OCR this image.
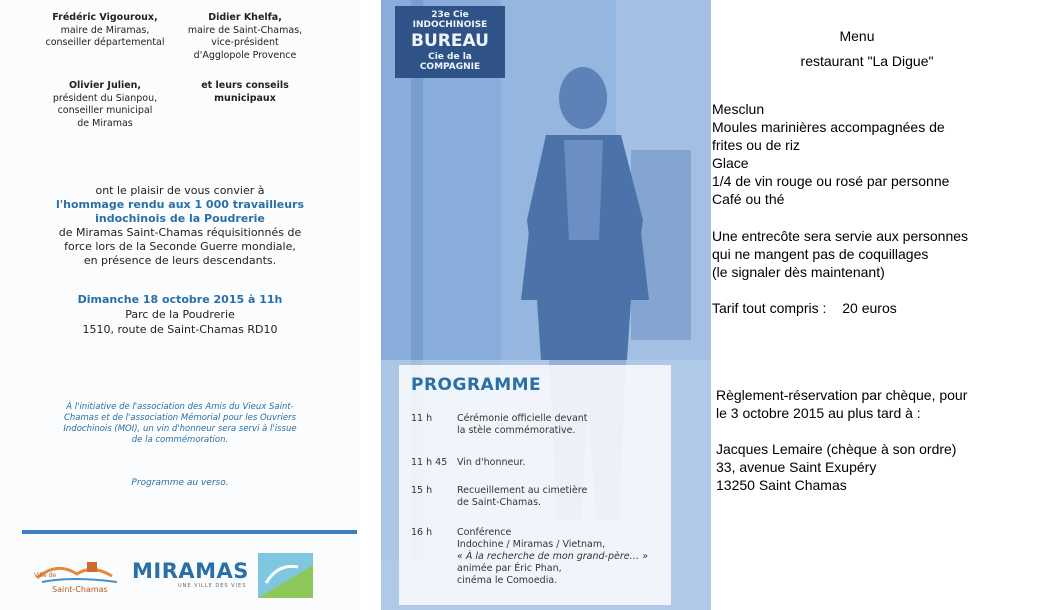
Frédéric Vigouroux,
maire de Miramas,
conseiller départemental
Didier Khelfa,
maire de Saint-Chamas,
vice-président
d'Agglopole Provence
Olivier Julien,
président du Sianpou,
conseiller municipal
de Miramas
et leurs conseils
municipaux
ont le plaisir de vous convier à
l'hommage rendu aux 1 000 travailleurs
indochinois de la Poudrerie
de Miramas Saint-Chamas réquisitionnés de
force lors de la Seconde Guerre mondiale,
en présence de leurs descendants.
Dimanche 18 octobre 2015 à 11h
Parc de la Poudrerie
1510, route de Saint-Chamas RD10
À l'initiative de l'association des Amis du Vieux Saint-
Chamas et de l'association Mémorial pour les Ouvriers
Indochinois (MOI), un vin d'honneur sera servi à l'issue
de la commémoration.
Programme au verso.
Ville de
Saint-Chamas
MIRAMAS
UNE VILLE DES VIES
23e Cie INDOCHINOISE
BUREAU
Cie de la COMPAGNIE
PROGRAMME
11 h	Cérémonie officielle devant
la stèle commémorative.
11 h 45	Vin d'honneur.
15 h	Recueillement au cimetière
de Saint-Chamas.
16 h	Conférence
Indochine / Miramas / Vietnam,
« À la recherche de mon grand-père… »
animée par Éric Phan,
cinéma le Comoedia.
Menu
restaurant "La Digue"
Mesclun
Moules marinières accompagnées de
frites ou de riz
Glace
1/4 de vin rouge ou rosé par personne
Café ou thé
Une entrecôte sera servie aux personnes
qui ne mangent pas de coquillages
(le signaler dès maintenant)
Tarif tout compris : 20 euros
Règlement-réservation par chèque, pour
le 3 octobre 2015 au plus tard à :
Jacques Lemaire (chèque à son ordre)
33, avenue Saint Exupéry
13250 Saint Chamas
